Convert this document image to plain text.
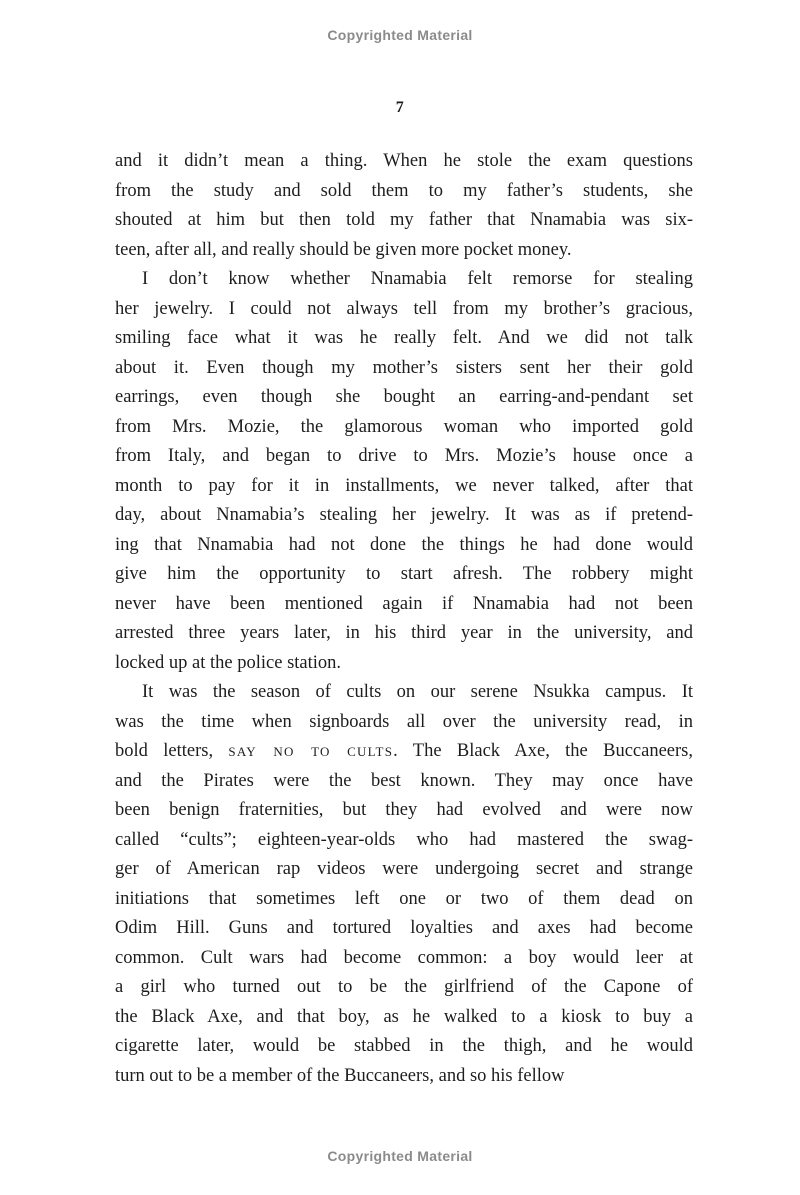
Copyrighted Material
7
and it didn’t mean a thing. When he stole the exam questions
from the study and sold them to my father’s students, she
shouted at him but then told my father that Nnamabia was six-
teen, after all, and really should be given more pocket money.
I don’t know whether Nnamabia felt remorse for stealing
her jewelry. I could not always tell from my brother’s gracious,
smiling face what it was he really felt. And we did not talk
about it. Even though my mother’s sisters sent her their gold
earrings, even though she bought an earring-and-pendant set
from Mrs. Mozie, the glamorous woman who imported gold
from Italy, and began to drive to Mrs. Mozie’s house once a
month to pay for it in installments, we never talked, after that
day, about Nnamabia’s stealing her jewelry. It was as if pretend-
ing that Nnamabia had not done the things he had done would
give him the opportunity to start afresh. The robbery might
never have been mentioned again if Nnamabia had not been
arrested three years later, in his third year in the university, and
locked up at the police station.
It was the season of cults on our serene Nsukka campus. It
was the time when signboards all over the university read, in
bold letters, say no to cults. The Black Axe, the Buccaneers,
and the Pirates were the best known. They may once have
been benign fraternities, but they had evolved and were now
called “cults”; eighteen-year-olds who had mastered the swag-
ger of American rap videos were undergoing secret and strange
initiations that sometimes left one or two of them dead on
Odim Hill. Guns and tortured loyalties and axes had become
common. Cult wars had become common: a boy would leer at
a girl who turned out to be the girlfriend of the Capone of
the Black Axe, and that boy, as he walked to a kiosk to buy a
cigarette later, would be stabbed in the thigh, and he would
turn out to be a member of the Buccaneers, and so his fellow
Copyrighted Material
